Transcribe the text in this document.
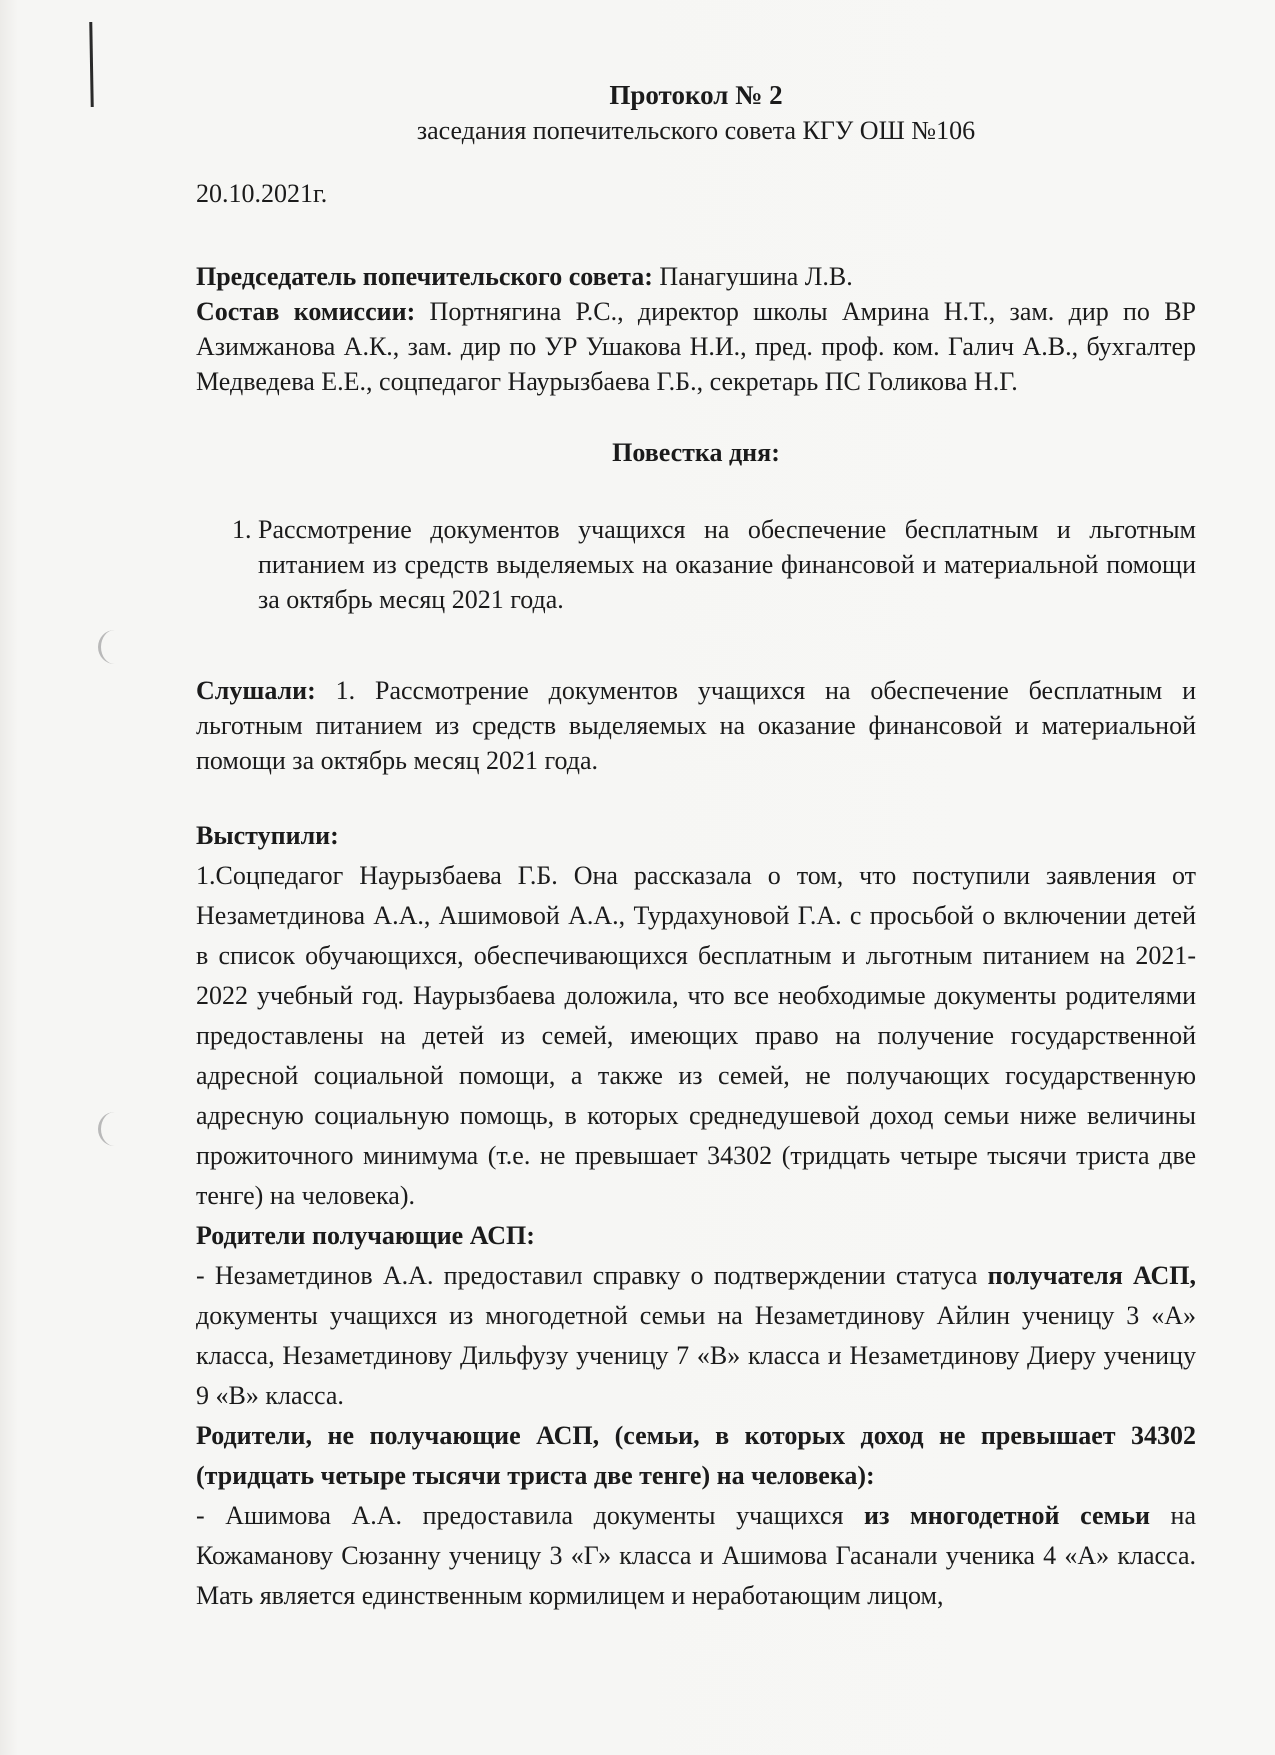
Протокол № 2

заседания попечительского совета КГУ ОШ №106

20.10.2021г.

Председатель попечительского совета: Панагушина Л.В.

Состав комиссии: Портнягина Р.С., директор школы Амрина Н.Т., зам. дир по ВР Азимжанова А.К., зам. дир по УР Ушакова Н.И., пред. проф. ком. Галич А.В., бухгалтер Медведева Е.Е., соцпедагог Наурызбаева Г.Б., секретарь ПС Голикова Н.Г.

Повестка дня:

1. Рассмотрение документов учащихся на обеспечение бесплатным и льготным питанием из средств выделяемых на оказание финансовой и материальной помощи за октябрь месяц 2021 года.

Слушали: 1. Рассмотрение документов учащихся на обеспечение бесплатным и льготным питанием из средств выделяемых на оказание финансовой и материальной помощи за октябрь месяц 2021 года.

Выступили:

1.Соцпедагог Наурызбаева Г.Б. Она рассказала о том, что поступили заявления от Незаметдинова А.А., Ашимовой А.А., Турдахуновой Г.А. с просьбой о включении детей в список обучающихся, обеспечивающихся бесплатным и льготным питанием на 2021-2022 учебный год. Наурызбаева доложила, что все необходимые документы родителями предоставлены на детей из семей, имеющих право на получение государственной адресной социальной помощи, а также из семей, не получающих государственную адресную социальную помощь, в которых среднедушевой доход семьи ниже величины прожиточного минимума (т.е. не превышает 34302 (тридцать четыре тысячи триста две тенге) на человека).

Родители получающие АСП:

- Незаметдинов А.А. предоставил справку о подтверждении статуса получателя АСП, документы учащихся из многодетной семьи на Незаметдинову Айлин ученицу 3 «А» класса, Незаметдинову Дильфузу ученицу 7 «В» класса и Незаметдинову Диеру ученицу 9 «В» класса.

Родители, не получающие АСП, (семьи, в которых доход не превышает 34302 (тридцать четыре тыcячи триста две тенге) на человека):

- Ашимова А.А. предоставила документы учащихся из многодетной семьи на Кожаманову Сюзанну ученицу 3 «Г» класса и Ашимова Гасанали ученика 4 «А» класса. Мать является единственным кормилицем и неработающим лицом,
